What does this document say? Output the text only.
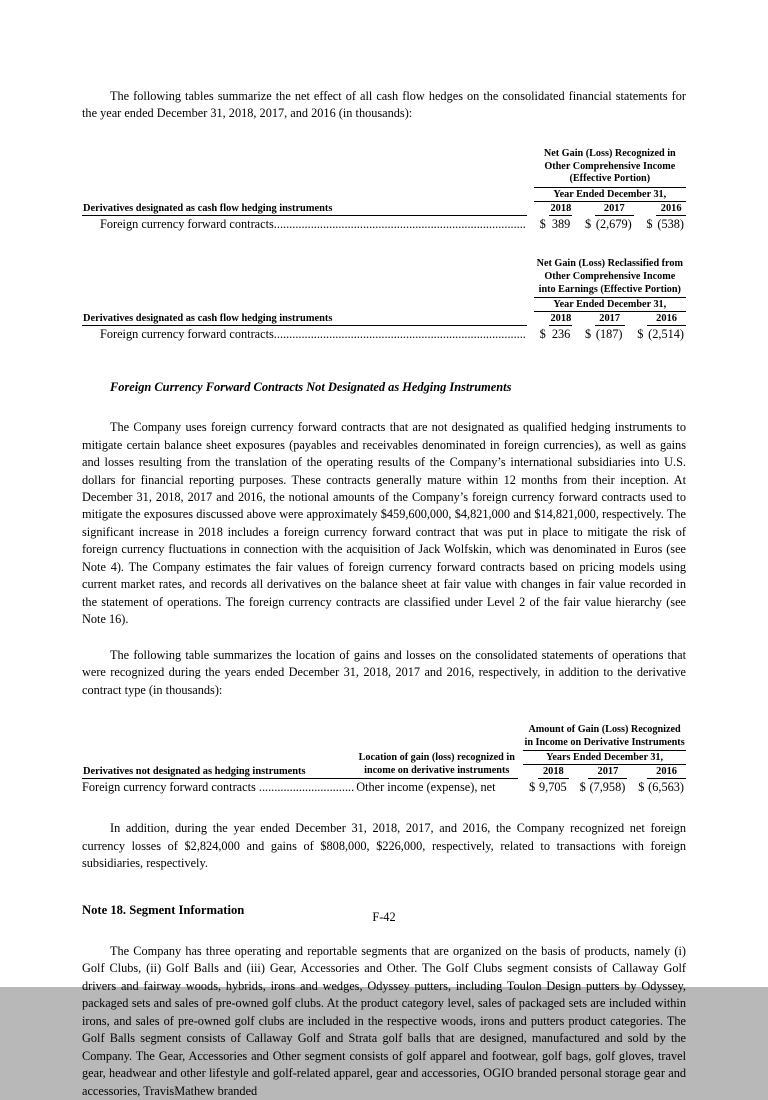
The following tables summarize the net effect of all cash flow hedges on the consolidated financial statements for the year ended December 31, 2018, 2017, and 2016 (in thousands):

		Net Gain (Loss) Recognized in Other Comprehensive Income (Effective Portion)							
		Year Ended December 31,							
Derivatives designated as cash flow hedging instruments			2018			2017			2016
Foreign currency forward contracts..................................................................................		$	389		$	(2,679)		$	(538)
		Net Gain (Loss) Reclassified from Other Comprehensive Income into Earnings (Effective Portion)							
		Year Ended December 31,							
Derivatives designated as cash flow hedging instruments			2018			2017			2016
Foreign currency forward contracts..................................................................................		$	236		$	(187)		$	(2,514)

Foreign Currency Forward Contracts Not Designated as Hedging Instruments

The Company uses foreign currency forward contracts that are not designated as qualified hedging instruments to mitigate certain balance sheet exposures (payables and receivables denominated in foreign currencies), as well as gains and losses resulting from the translation of the operating results of the Company’s international subsidiaries into U.S. dollars for financial reporting purposes. These contracts generally mature within 12 months from their inception. At December 31, 2018, 2017 and 2016, the notional amounts of the Company’s foreign currency forward contracts used to mitigate the exposures discussed above were approximately $459,600,000, $4,821,000 and $14,821,000, respectively. The significant increase in 2018 includes a foreign currency forward contract that was put in place to mitigate the risk of foreign currency fluctuations in connection with the acquisition of Jack Wolfskin, which was denominated in Euros (see Note 4). The Company estimates the fair values of foreign currency forward contracts based on pricing models using current market rates, and records all derivatives on the balance sheet at fair value with changes in fair value recorded in the statement of operations. The foreign currency contracts are classified under Level 2 of the fair value hierarchy (see Note 16).

The following table summarizes the location of gains and losses on the consolidated statements of operations that were recognized during the years ended December 31, 2018, 2017 and 2016, respectively, in addition to the derivative contract type (in thousands):

			Amount of Gain (Loss) Recognized in Income on Derivative Instruments							
	Location of gain (loss) recognized in income on derivative instruments		Years Ended December 31,							
Derivatives not designated as hedging instruments				2018			2017			2016
Foreign currency forward contracts ...............................	Other income (expense), net		$	9,705		$	(7,958)		$	(6,563)

In addition, during the year ended December 31, 2018, 2017, and 2016, the Company recognized net foreign currency losses of $2,824,000 and gains of $808,000, $226,000, respectively, related to transactions with foreign subsidiaries, respectively.

Note 18. Segment Information

The Company has three operating and reportable segments that are organized on the basis of products, namely (i) Golf Clubs, (ii) Golf Balls and (iii) Gear, Accessories and Other. The Golf Clubs segment consists of Callaway Golf drivers and fairway woods, hybrids, irons and wedges, Odyssey putters, including Toulon Design putters by Odyssey, packaged sets and sales of pre-owned golf clubs. At the product category level, sales of packaged sets are included within irons, and sales of pre-owned golf clubs are included in the respective woods, irons and putters product categories. The Golf Balls segment consists of Callaway Golf and Strata golf balls that are designed, manufactured and sold by the Company. The Gear, Accessories and Other segment consists of golf apparel and footwear, golf bags, golf gloves, travel gear, headwear and other lifestyle and golf-related apparel, gear and accessories, OGIO branded personal storage gear and accessories, TravisMathew branded

F-42
